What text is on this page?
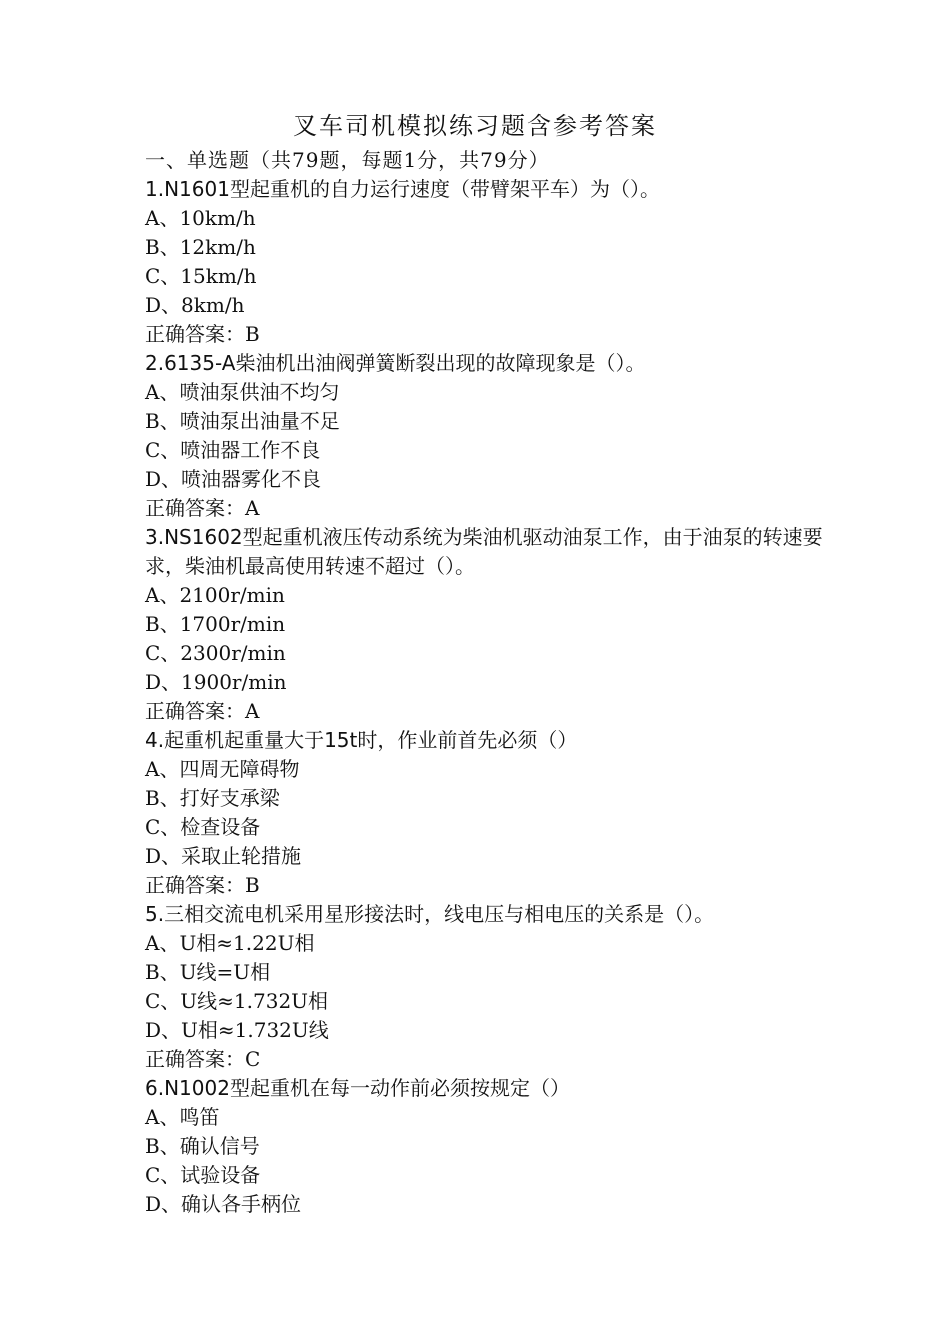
叉车司机模拟练习题含参考答案
一、单选题（共79题，每题1分，共79分）
1.N1601型起重机的自力运行速度（带臂架平车）为（）。
A、10km/h
B、12km/h
C、15km/h
D、8km/h
正确答案：B
2.6135-A柴油机出油阀弹簧断裂出现的故障现象是（）。
A、喷油泵供油不均匀
B、喷油泵出油量不足
C、喷油器工作不良
D、喷油器雾化不良
正确答案：A
3.NS1602型起重机液压传动系统为柴油机驱动油泵工作，由于油泵的转速要求，柴油机最高使用转速不超过（）。
A、2100r/min
B、1700r/min
C、2300r/min
D、1900r/min
正确答案：A
4.起重机起重量大于15t时，作业前首先必须（）
A、四周无障碍物
B、打好支承梁
C、检查设备
D、采取止轮措施
正确答案：B
5.三相交流电机采用星形接法时，线电压与相电压的关系是（）。
A、U相≈1.22U相
B、U线=U相
C、U线≈1.732U相
D、U相≈1.732U线
正确答案：C
6.N1002型起重机在每一动作前必须按规定（）
A、鸣笛
B、确认信号
C、试验设备
D、确认各手柄位
